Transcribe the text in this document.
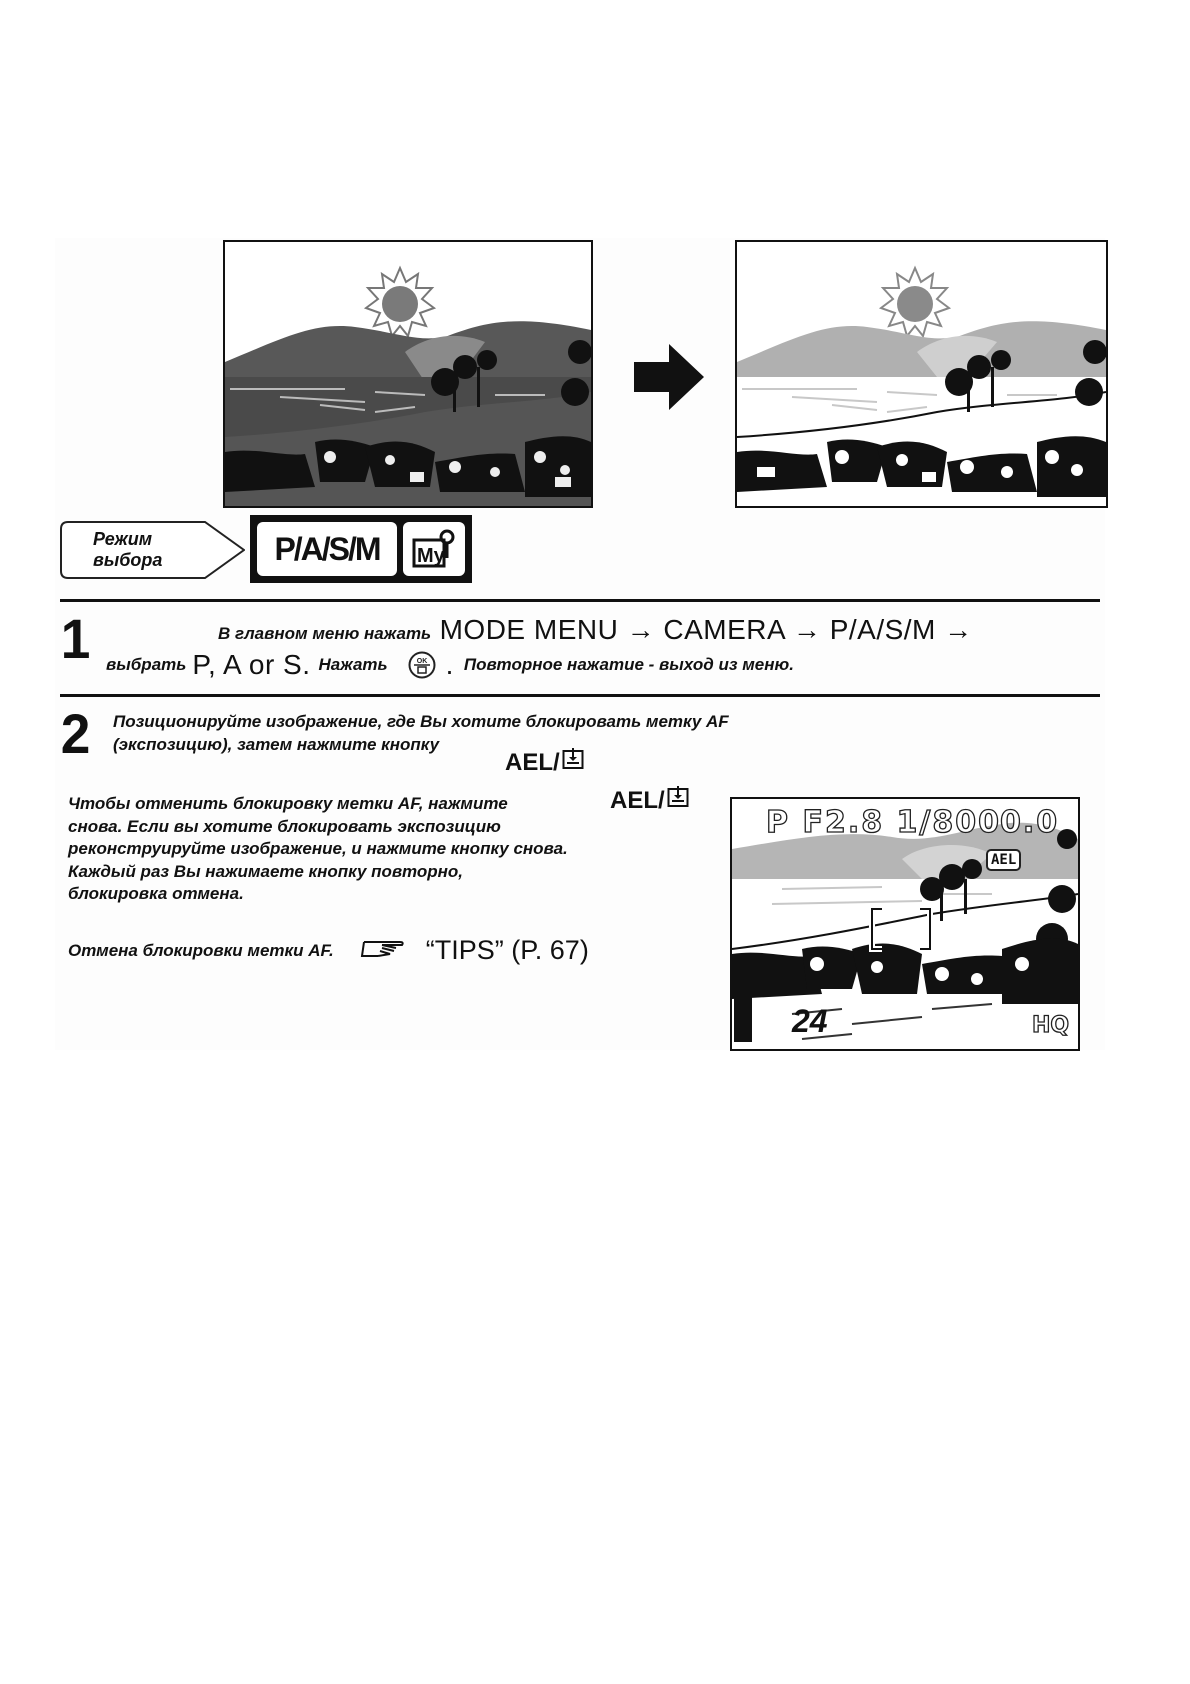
Режим
выбора	P/A/S/M	My
1	В главном меню нажать MODE MENU → CAMERA → P/A/S/M →
выбрать P, A or S. Нажать	OK . Повторное нажатие - выход из меню.
2 Позиционируйте изображение, где Вы хотите блокировать метку AF
(экспозицию), затем нажмите кнопку
AEL/
Чтобы отменить блокировку метки AF, нажмите
снова. Если вы хотите блокировать экспозицию
реконструируйте изображение, и нажмите кнопку снова.
Каждый раз Вы нажимаете кнопку повторно,
блокировка отмена.
AEL/
Отмена блокировки метки AF.	“TIPS” (P. 67)
P F2.8 1/800 0.0
AEL
24	HQ
